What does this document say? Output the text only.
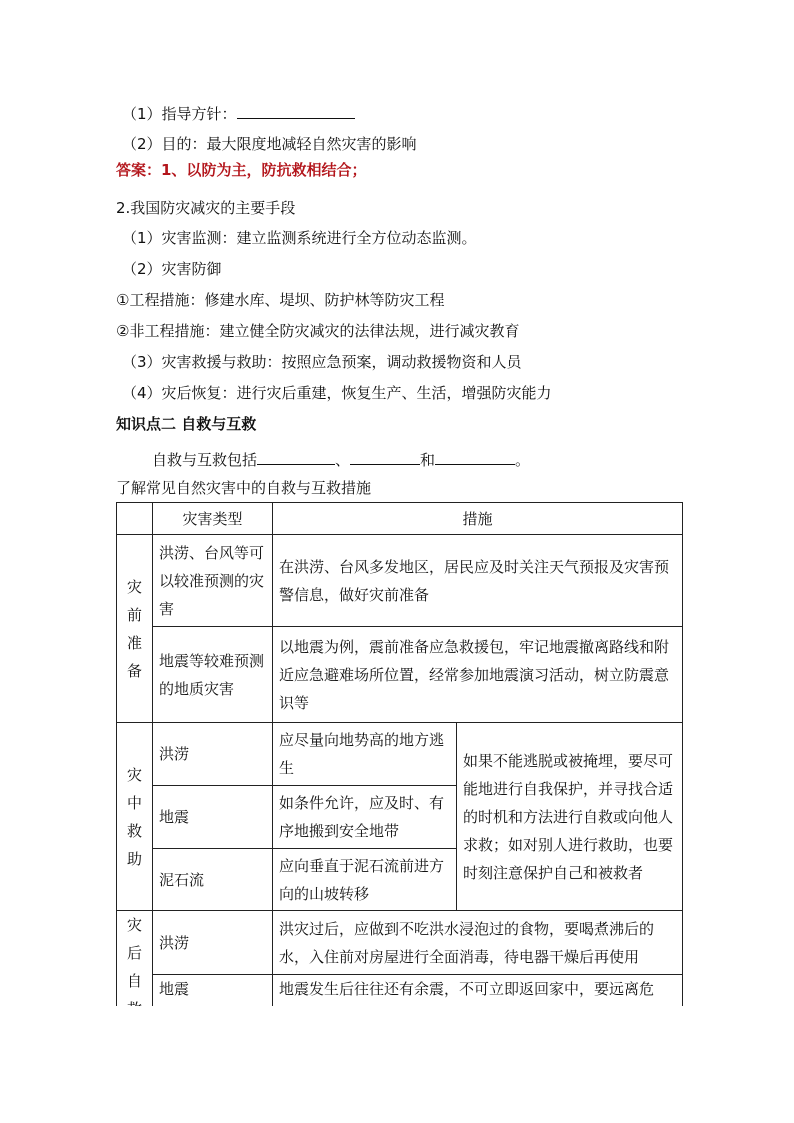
（1）指导方针：
（2）目的：最大限度地减轻自然灾害的影响
答案：1、以防为主，防抗救相结合；
2.我国防灾减灾的主要手段
（1）灾害监测：建立监测系统进行全方位动态监测。
（2）灾害防御
①工程措施：修建水库、堤坝、防护林等防灾工程
②非工程措施：建立健全防灾减灾的法律法规，进行减灾教育
（3）灾害救援与救助：按照应急预案，调动救援物资和人员
（4）灾后恢复：进行灾后重建，恢复生产、生活，增强防灾能力
知识点二 自救与互救
自救与互救包括	、	和	。
了解常见自然灾害中的自救与互救措施
	灾害类型	措施	
灾前准备	洪涝、台风等可以较准预测的灾害	在洪涝、台风多发地区，居民应及时关注天气预报及灾害预警信息，做好灾前准备	
	地震等较难预测的地质灾害	以地震为例，震前准备应急救援包，牢记地震撤离路线和附近应急避难场所位置，经常参加地震演习活动，树立防震意识等	
灾中救助	洪涝	应尽量向地势高的地方逃生	如果不能逃脱或被掩埋，要尽可能地进行自我保护，并寻找合适的时机和方法进行自救或向他人求救；如对别人进行救助，也要时刻注意保护自己和被救者
	地震	如条件允许，应及时、有序地搬到安全地带	
	泥石流	应向垂直于泥石流前进方向的山坡转移	
灾后自	洪涝	洪灾过后，应做到不吃洪水浸泡过的食物，要喝煮沸后的水，入住前对房屋进行全面消毒，待电器干燥后再使用	
	地震	地震发生后往往还有余震，不可立即返回家中，要远离危	
